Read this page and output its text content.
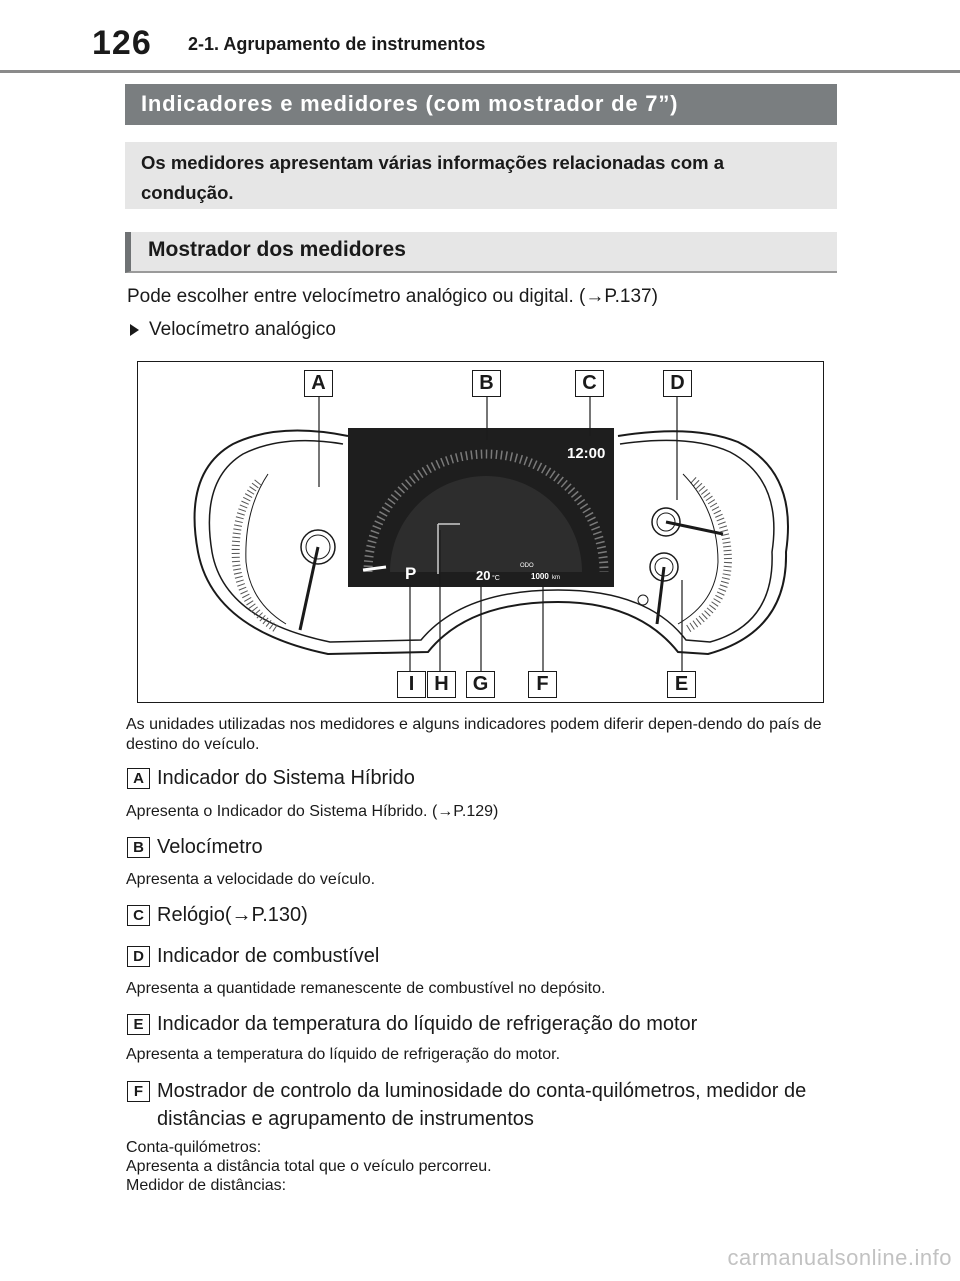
126 2-1. Agrupamento de instrumentos
Indicadores e medidores (com mostrador de 7”)
Os medidores apresentam várias informações relacionadas com a condução.
Mostrador dos medidores
Pode escolher entre velocímetro analógico ou digital. (→P.137)
Velocímetro analógico
12:00
P	20 °C
ODO
1000 km
A	B	C	D
E
F
G
H
I
As unidades utilizadas nos medidores e alguns indicadores podem diferir depen-dendo do país de destino do veículo.
A Indicador do Sistema Híbrido
Apresenta o Indicador do Sistema Híbrido. (→P.129)
B Velocímetro
Apresenta a velocidade do veículo.
C Relógio(→P.130)
D Indicador de combustível
Apresenta a quantidade remanescente de combustível no depósito.
E Indicador da temperatura do líquido de refrigeração do motor
Apresenta a temperatura do líquido de refrigeração do motor.
F Mostrador de controlo da luminosidade do conta-quilómetros, medidor de distâncias e agrupamento de instrumentos
Conta-quilómetros:
Apresenta a distância total que o veículo percorreu.
Medidor de distâncias:
carmanualsonline.info
